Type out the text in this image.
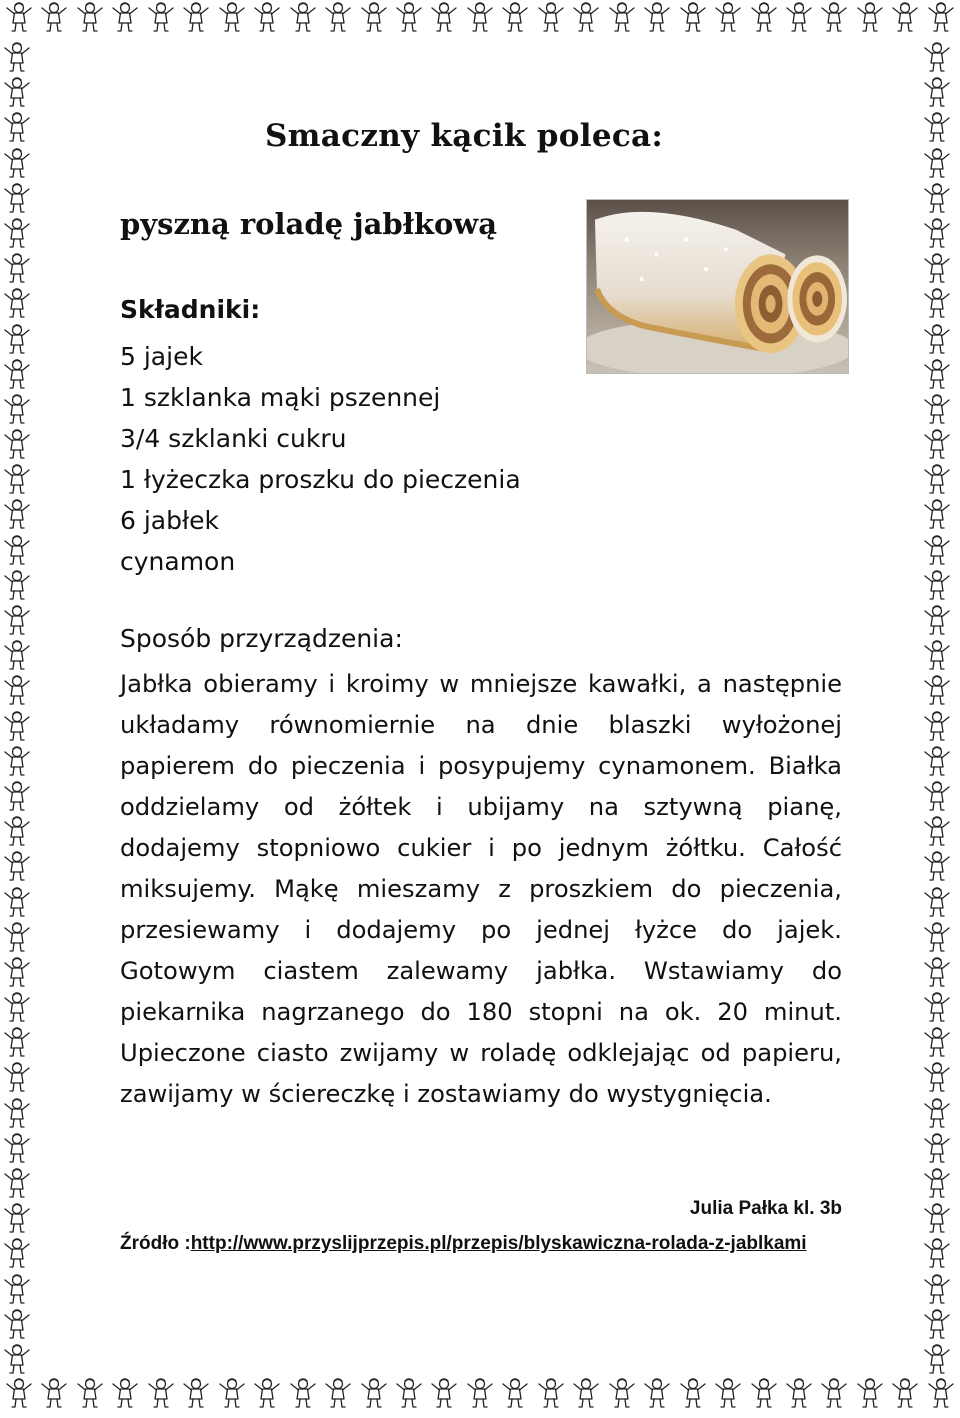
Smaczny kącik poleca:
pyszną roladę jabłkową
Składniki:
5 jajek
1 szklanka mąki pszennej
3/4 szklanki cukru
1 łyżeczka proszku do pieczenia
6 jabłek
cynamon
Sposób przyrządzenia:

Jabłka obieramy i kroimy w mniejsze kawałki, a następnie układamy równomiernie na dnie blaszki wyłożonej papierem do pieczenia i posypujemy cynamonem. Białka oddzielamy od żółtek i ubijamy na sztywną pianę, dodajemy stopniowo cukier i po jednym żółtku. Całość miksujemy. Mąkę mieszamy z proszkiem do pieczenia, przesiewamy i dodajemy po jednej łyżce do jajek. Gotowym ciastem zalewamy jabłka. Wstawiamy do piekarnika nagrzanego do 180 stopni na ok. 20 minut. Upieczone ciasto zwijamy w roladę odklejając od papieru, zawijamy w ściereczkę i zostawiamy do wystygnięcia.

Julia Pałka kl. 3b
Źródło :http://www.przyslijprzepis.pl/przepis/blyskawiczna-rolada-z-jablkami
